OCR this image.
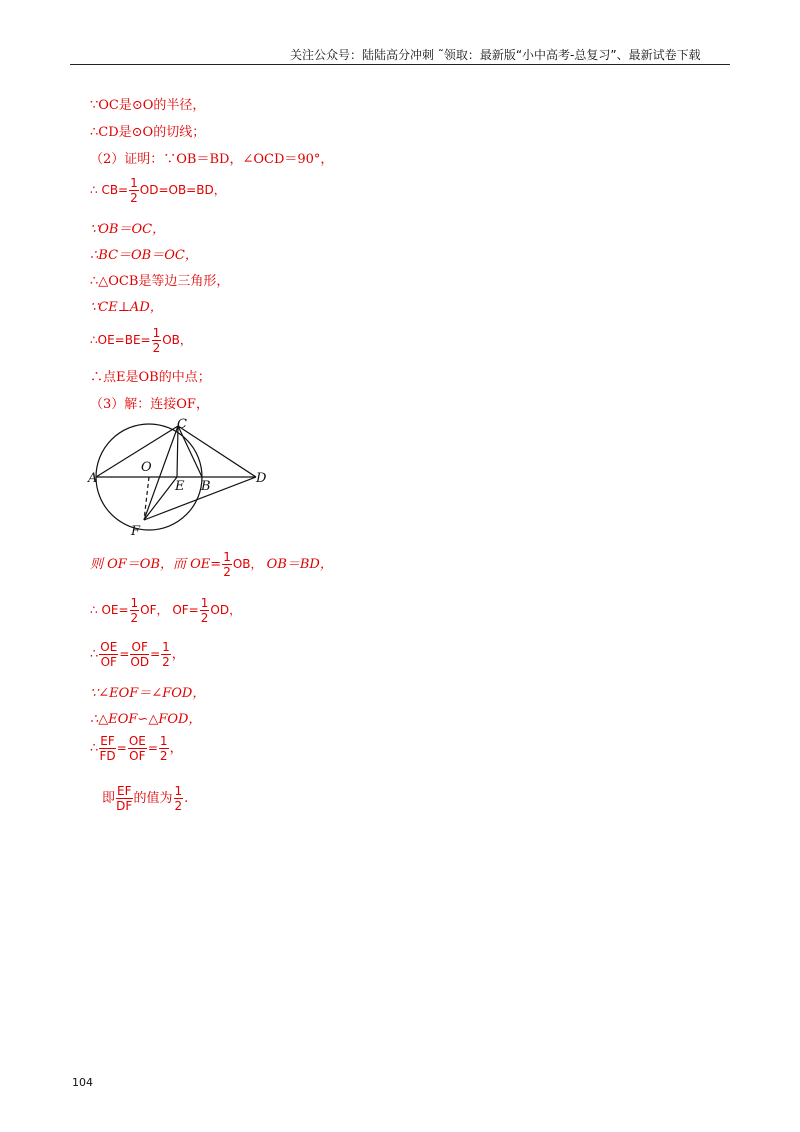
关注公众号：陆陆高分冲刺 ˜领取：最新版“小中高考-总复习”、最新试卷下载
∵OC是⊙O的半径，
∴CD是⊙O的切线；
（2）证明：∵OB＝BD，∠OCD＝90°，
∴ $CB= \frac{1}{2} OD=OB=BD$，
∵OB＝OC，
∴BC＝OB＝OC，
∴△OCB是等边三角形，
∵CE⊥AD，
∴OE=BE= $\frac{1}{2}$ OB，
∴点E是OB的中点；
（3）解：连接OF，
A
O
E B
D
C
F
则 OF＝OB，而 $OE= \frac{1}{2}$ OB， OB＝BD，
∴ $OE= \frac{1}{2}$ OF， $OF= \frac{1}{2}$ OD，
∴ $\frac{OE}{OF} = \frac{OF}{OD} = \frac{1}{2}$ ，
∵∠EOF＝∠FOD，
∴△EOF∽△FOD，
∴ $\frac{EF}{FD} = \frac{OE}{OF} = \frac{1}{2}$ ，
即 $\frac{EF}{DF}$ 的值为 $\frac{1}{2}$ .
104
